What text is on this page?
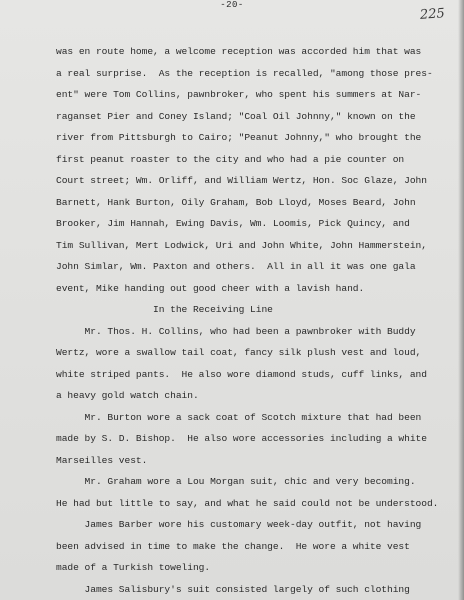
-20-
225
was en route home, a welcome reception was accorded him that was
a real surprise.  As the reception is recalled, "among those pres-
ent" were Tom Collins, pawnbroker, who spent his summers at Nar-
raganset Pier and Coney Island; "Coal Oil Johnny," known on the
river from Pittsburgh to Cairo; "Peanut Johnny," who brought the
first peanut roaster to the city and who had a pie counter on
Court street; Wm. Orliff, and William Wertz, Hon. Soc Glaze, John
Barnett, Hank Burton, Oily Graham, Bob Lloyd, Moses Beard, John
Brooker, Jim Hannah, Ewing Davis, Wm. Loomis, Pick Quincy, and
Tim Sullivan, Mert Lodwick, Uri and John White, John Hammerstein,
John Simlar, Wm. Paxton and others.  All in all it was one gala
event, Mike handing out good cheer with a lavish hand.
In the Receiving Line
Mr. Thos. H. Collins, who had been a pawnbroker with Buddy
Wertz, wore a swallow tail coat, fancy silk plush vest and loud,
white striped pants.  He also wore diamond studs, cuff links, and
a heavy gold watch chain.
Mr. Burton wore a sack coat of Scotch mixture that had been
made by S. D. Bishop.  He also wore accessories including a white
Marseilles vest.
Mr. Graham wore a Lou Morgan suit, chic and very becoming.
He had but little to say, and what he said could not be understood.
James Barber wore his customary week-day outfit, not having
been advised in time to make the change.  He wore a white vest
made of a Turkish toweling.
James Salisbury's suit consisted largely of such clothing
